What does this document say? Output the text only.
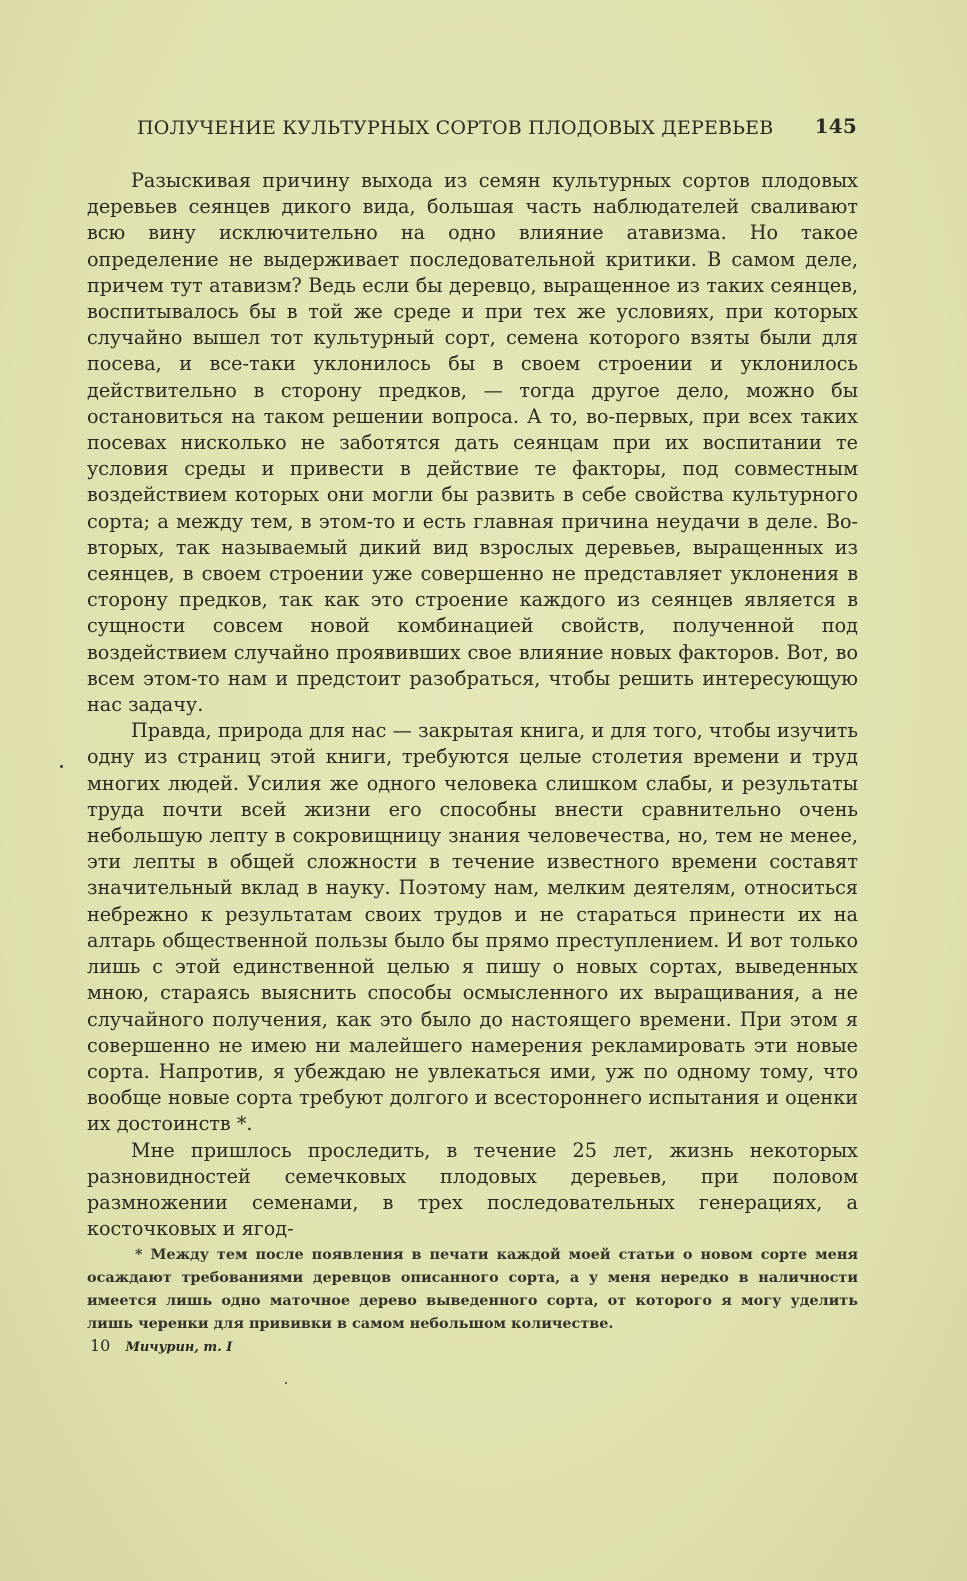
ПОЛУЧЕНИЕ КУЛЬТУРНЫХ СОРТОВ ПЛОДОВЫХ ДЕРЕВЬЕВ 145

Разыскивая причину выхода из семян культурных сортов плодовых деревьев сеянцев дикого вида, большая часть наблюдателей сваливают всю вину исключительно на одно влияние атавизма. Но такое определение не выдерживает последовательной критики. В самом деле, причем тут атавизм? Ведь если бы деревцо, выращенное из таких сеянцев, воспитывалось бы в той же среде и при тех же условиях, при которых случайно вышел тот культурный сорт, семена которого взяты были для посева, и все-таки уклонилось бы в своем строении и уклонилось действительно в сторону предков, — тогда другое дело, можно бы остановиться на таком решении вопроса. А то, во-первых, при всех таких посевах нисколько не заботятся дать сеянцам при их воспитании те условия среды и привести в действие те факторы, под совместным воздействием которых они могли бы развить в себе свойства культурного сорта; а между тем, в этом-то и есть главная причина неудачи в деле. Во-вторых, так называемый дикий вид взрослых деревьев, выращенных из сеянцев, в своем строении уже совершенно не представляет уклонения в сторону предков, так как это строение каждого из сеянцев является в сущности совсем новой комбинацией свойств, полученной под воздействием случайно проявивших свое влияние новых факторов. Вот, во всем этом-то нам и предстоит разобраться, чтобы решить интересующую нас задачу.

Правда, природа для нас — закрытая книга, и для того, чтобы изучить одну из страниц этой книги, требуются целые столетия времени и труд многих людей. Усилия же одного человека слишком слабы, и результаты труда почти всей жизни его способны внести сравнительно очень небольшую лепту в сокровищницу знания человечества, но, тем не менее, эти лепты в общей сложности в течение известного времени составят значительный вклад в науку. Поэтому нам, мелким деятелям, относиться небрежно к результатам своих трудов и не стараться принести их на алтарь общественной пользы было бы прямо преступлением. И вот только лишь с этой единственной целью я пишу о новых сортах, выведенных мною, стараясь выяснить способы осмысленного их выращивания, а не случайного получения, как это было до настоящего времени. При этом я совершенно не имею ни малейшего намерения рекламировать эти новые сорта. Напротив, я убеждаю не увлекаться ими, уж по одному тому, что вообще новые сорта требуют долгого и всестороннего испытания и оценки их достоинств *.

Мне пришлось проследить, в течение 25 лет, жизнь некоторых разновидностей семечковых плодовых деревьев, при половом размножении семенами, в трех последовательных генерациях, а косточковых и ягод-

* Между тем после появления в печати каждой моей статьи о новом сорте меня осаждают требованиями деревцов описанного сорта, а у меня нередко в наличности имеется лишь одно маточное дерево выведенного сорта, от которого я могу уделить лишь черенки для прививки в самом небольшом количестве.

10 Мичурин, т. I
